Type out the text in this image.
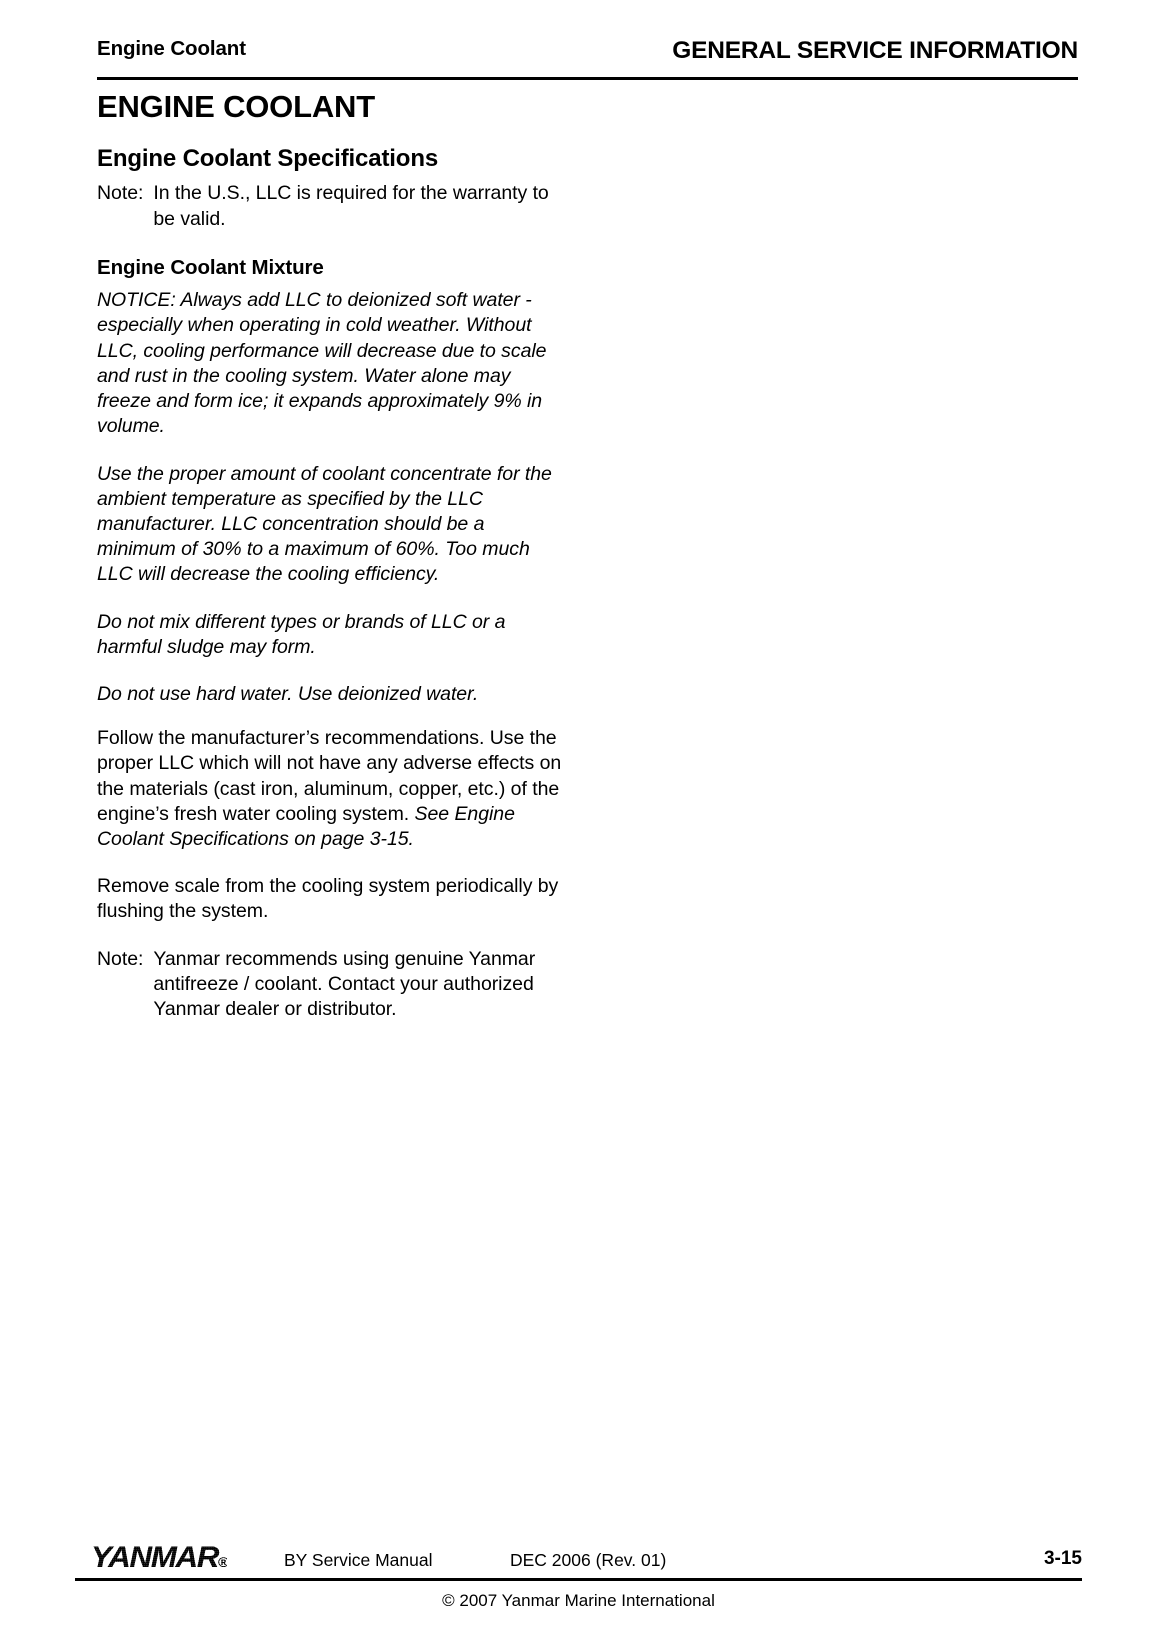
Engine Coolant	GENERAL SERVICE INFORMATION
ENGINE COOLANT
Engine Coolant Specifications
Note: In the U.S., LLC is required for the warranty to be valid.
Engine Coolant Mixture

NOTICE: Always add LLC to deionized soft water - especially when operating in cold weather. Without LLC, cooling performance will decrease due to scale and rust in the cooling system. Water alone may freeze and form ice; it expands approximately 9% in volume.

Use the proper amount of coolant concentrate for the ambient temperature as specified by the LLC manufacturer. LLC concentration should be a minimum of 30% to a maximum of 60%. Too much LLC will decrease the cooling efficiency.

Do not mix different types or brands of LLC or a harmful sludge may form.

Do not use hard water. Use deionized water.

Follow the manufacturer’s recommendations. Use the proper LLC which will not have any adverse effects on the materials (cast iron, aluminum, copper, etc.) of the engine’s fresh water cooling system. See Engine Coolant Specifications on page 3-15.

Remove scale from the cooling system periodically by flushing the system.

Note: Yanmar recommends using genuine Yanmar antifreeze / coolant. Contact your authorized Yanmar dealer or distributor.
YANMAR®	BY Service Manual	DEC 2006 (Rev. 01)	3-15
© 2007 Yanmar Marine International
